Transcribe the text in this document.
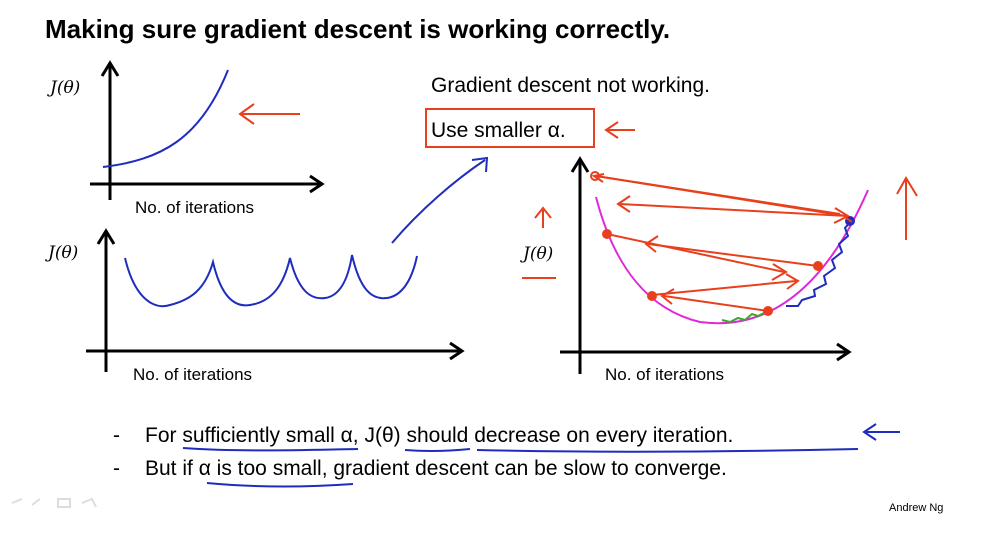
Making sure gradient descent is working correctly.
J(θ)
No. of iterations
J(θ)
No. of iterations
J(θ)
No. of iterations
Gradient descent not working.
Use smaller α.
- For sufficiently small α, J(θ) should decrease on every iteration.
- But if α is too small, gradient descent can be slow to converge.
Andrew Ng
